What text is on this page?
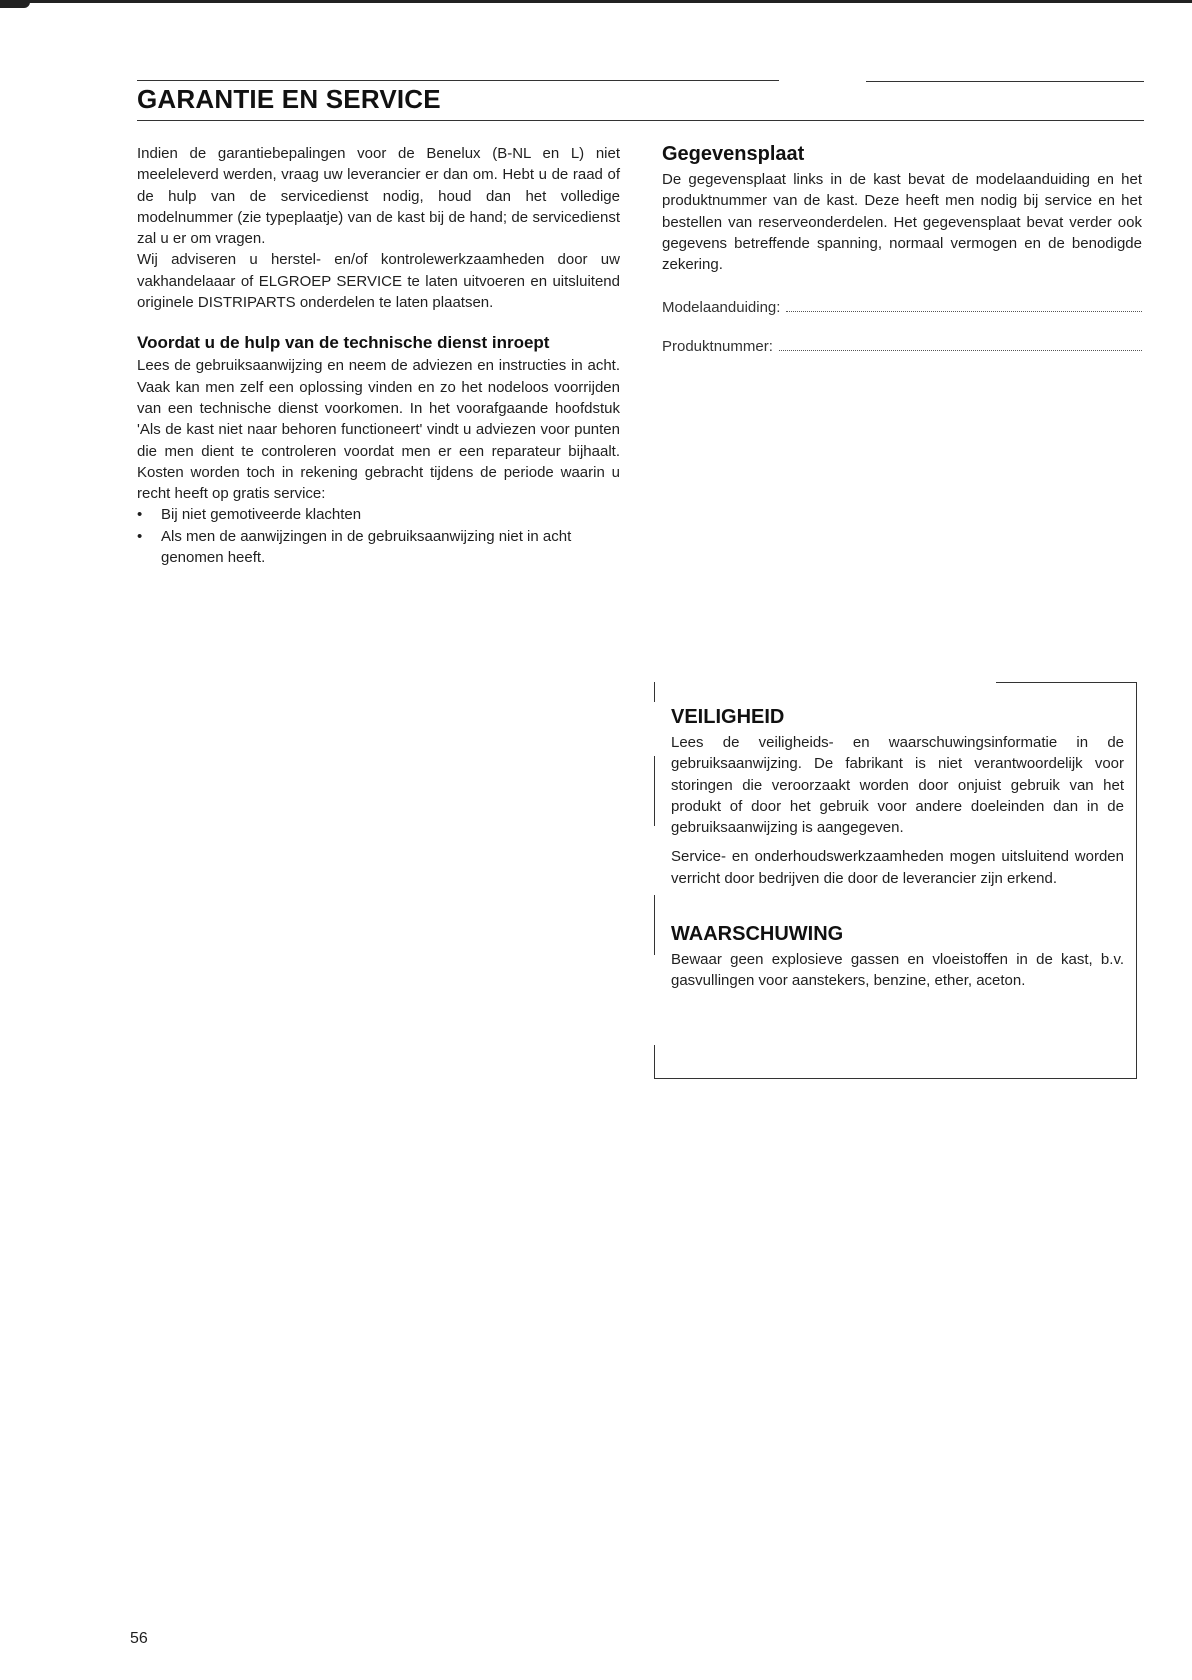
GARANTIE EN SERVICE

Indien de garantiebepalingen voor de Benelux (B-NL en L) niet meeleleverd werden, vraag uw leverancier er dan om. Hebt u de raad of de hulp van de servicedienst nodig, houd dan het volledige modelnummer (zie typeplaatje) van de kast bij de hand; de servicedienst zal u er om vragen.

Wij adviseren u herstel- en/of kontrolewerkzaamheden door uw vakhandelaaar of ELGROEP SERVICE te laten uitvoeren en uitsluitend originele DISTRIPARTS onderdelen te laten plaatsen.

Voordat u de hulp van de technische dienst inroept

Lees de gebruiksaanwijzing en neem de adviezen en instructies in acht. Vaak kan men zelf een oplossing vinden en zo het nodeloos voorrijden van een technische dienst voorkomen. In het voorafgaande hoofdstuk 'Als de kast niet naar behoren functioneert' vindt u adviezen voor punten die men dient te controleren voordat men er een reparateur bijhaalt. Kosten worden toch in rekening gebracht tijdens de periode waarin u recht heeft op gratis service:

• Bij niet gemotiveerde klachten
• Als men de aanwijzingen in de gebruiksaanwijzing niet in acht genomen heeft.
Gegevensplaat

De gegevensplaat links in de kast bevat de modelaanduiding en het produktnummer van de kast. Deze heeft men nodig bij service en het bestellen van reserveonderdelen. Het gegevensplaat bevat verder ook gegevens betreffende spanning, normaal vermogen en de benodigde zekering.

Modelaanduiding:
Produktnummer:
VEILIGHEID

Lees de veiligheids- en waarschuwingsinformatie in de gebruiksaanwijzing. De fabrikant is niet verantwoordelijk voor storingen die veroorzaakt worden door onjuist gebruik van het produkt of door het gebruik voor andere doeleinden dan in de gebruiksaanwijzing is aangegeven.

Service- en onderhoudswerkzaamheden mogen uitsluitend worden verricht door bedrijven die door de leverancier zijn erkend.

WAARSCHUWING

Bewaar geen explosieve gassen en vloeistoffen in de kast, b.v. gasvullingen voor aanstekers, benzine, ether, aceton.

56
